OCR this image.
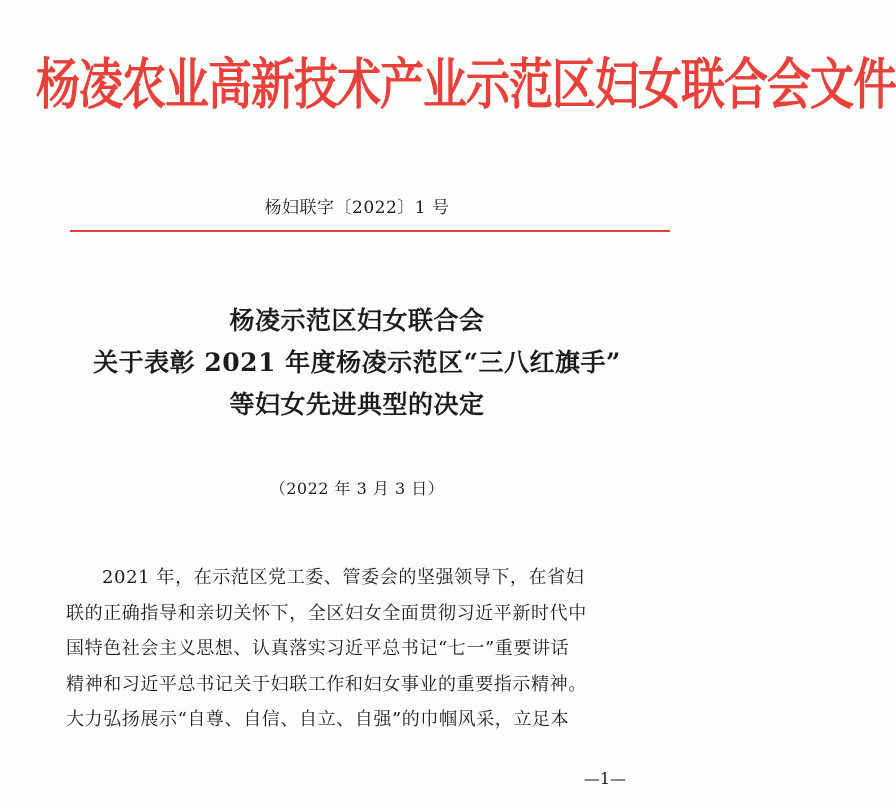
杨凌农业高新技术产业示范区妇女联合会文件
杨妇联字〔2022〕1 号
杨凌示范区妇女联合会
关于表彰 2021 年度杨凌示范区“三八红旗手”
等妇女先进典型的决定
（2022 年 3 月 3 日）
2021 年，在示范区党工委、管委会的坚强领导下，在省妇
联的正确指导和亲切关怀下，全区妇女全面贯彻习近平新时代中
国特色社会主义思想、认真落实习近平总书记“七一”重要讲话
精神和习近平总书记关于妇联工作和妇女事业的重要指示精神。
大力弘扬展示“自尊、自信、自立、自强”的巾帼风采，立足本
—1—
